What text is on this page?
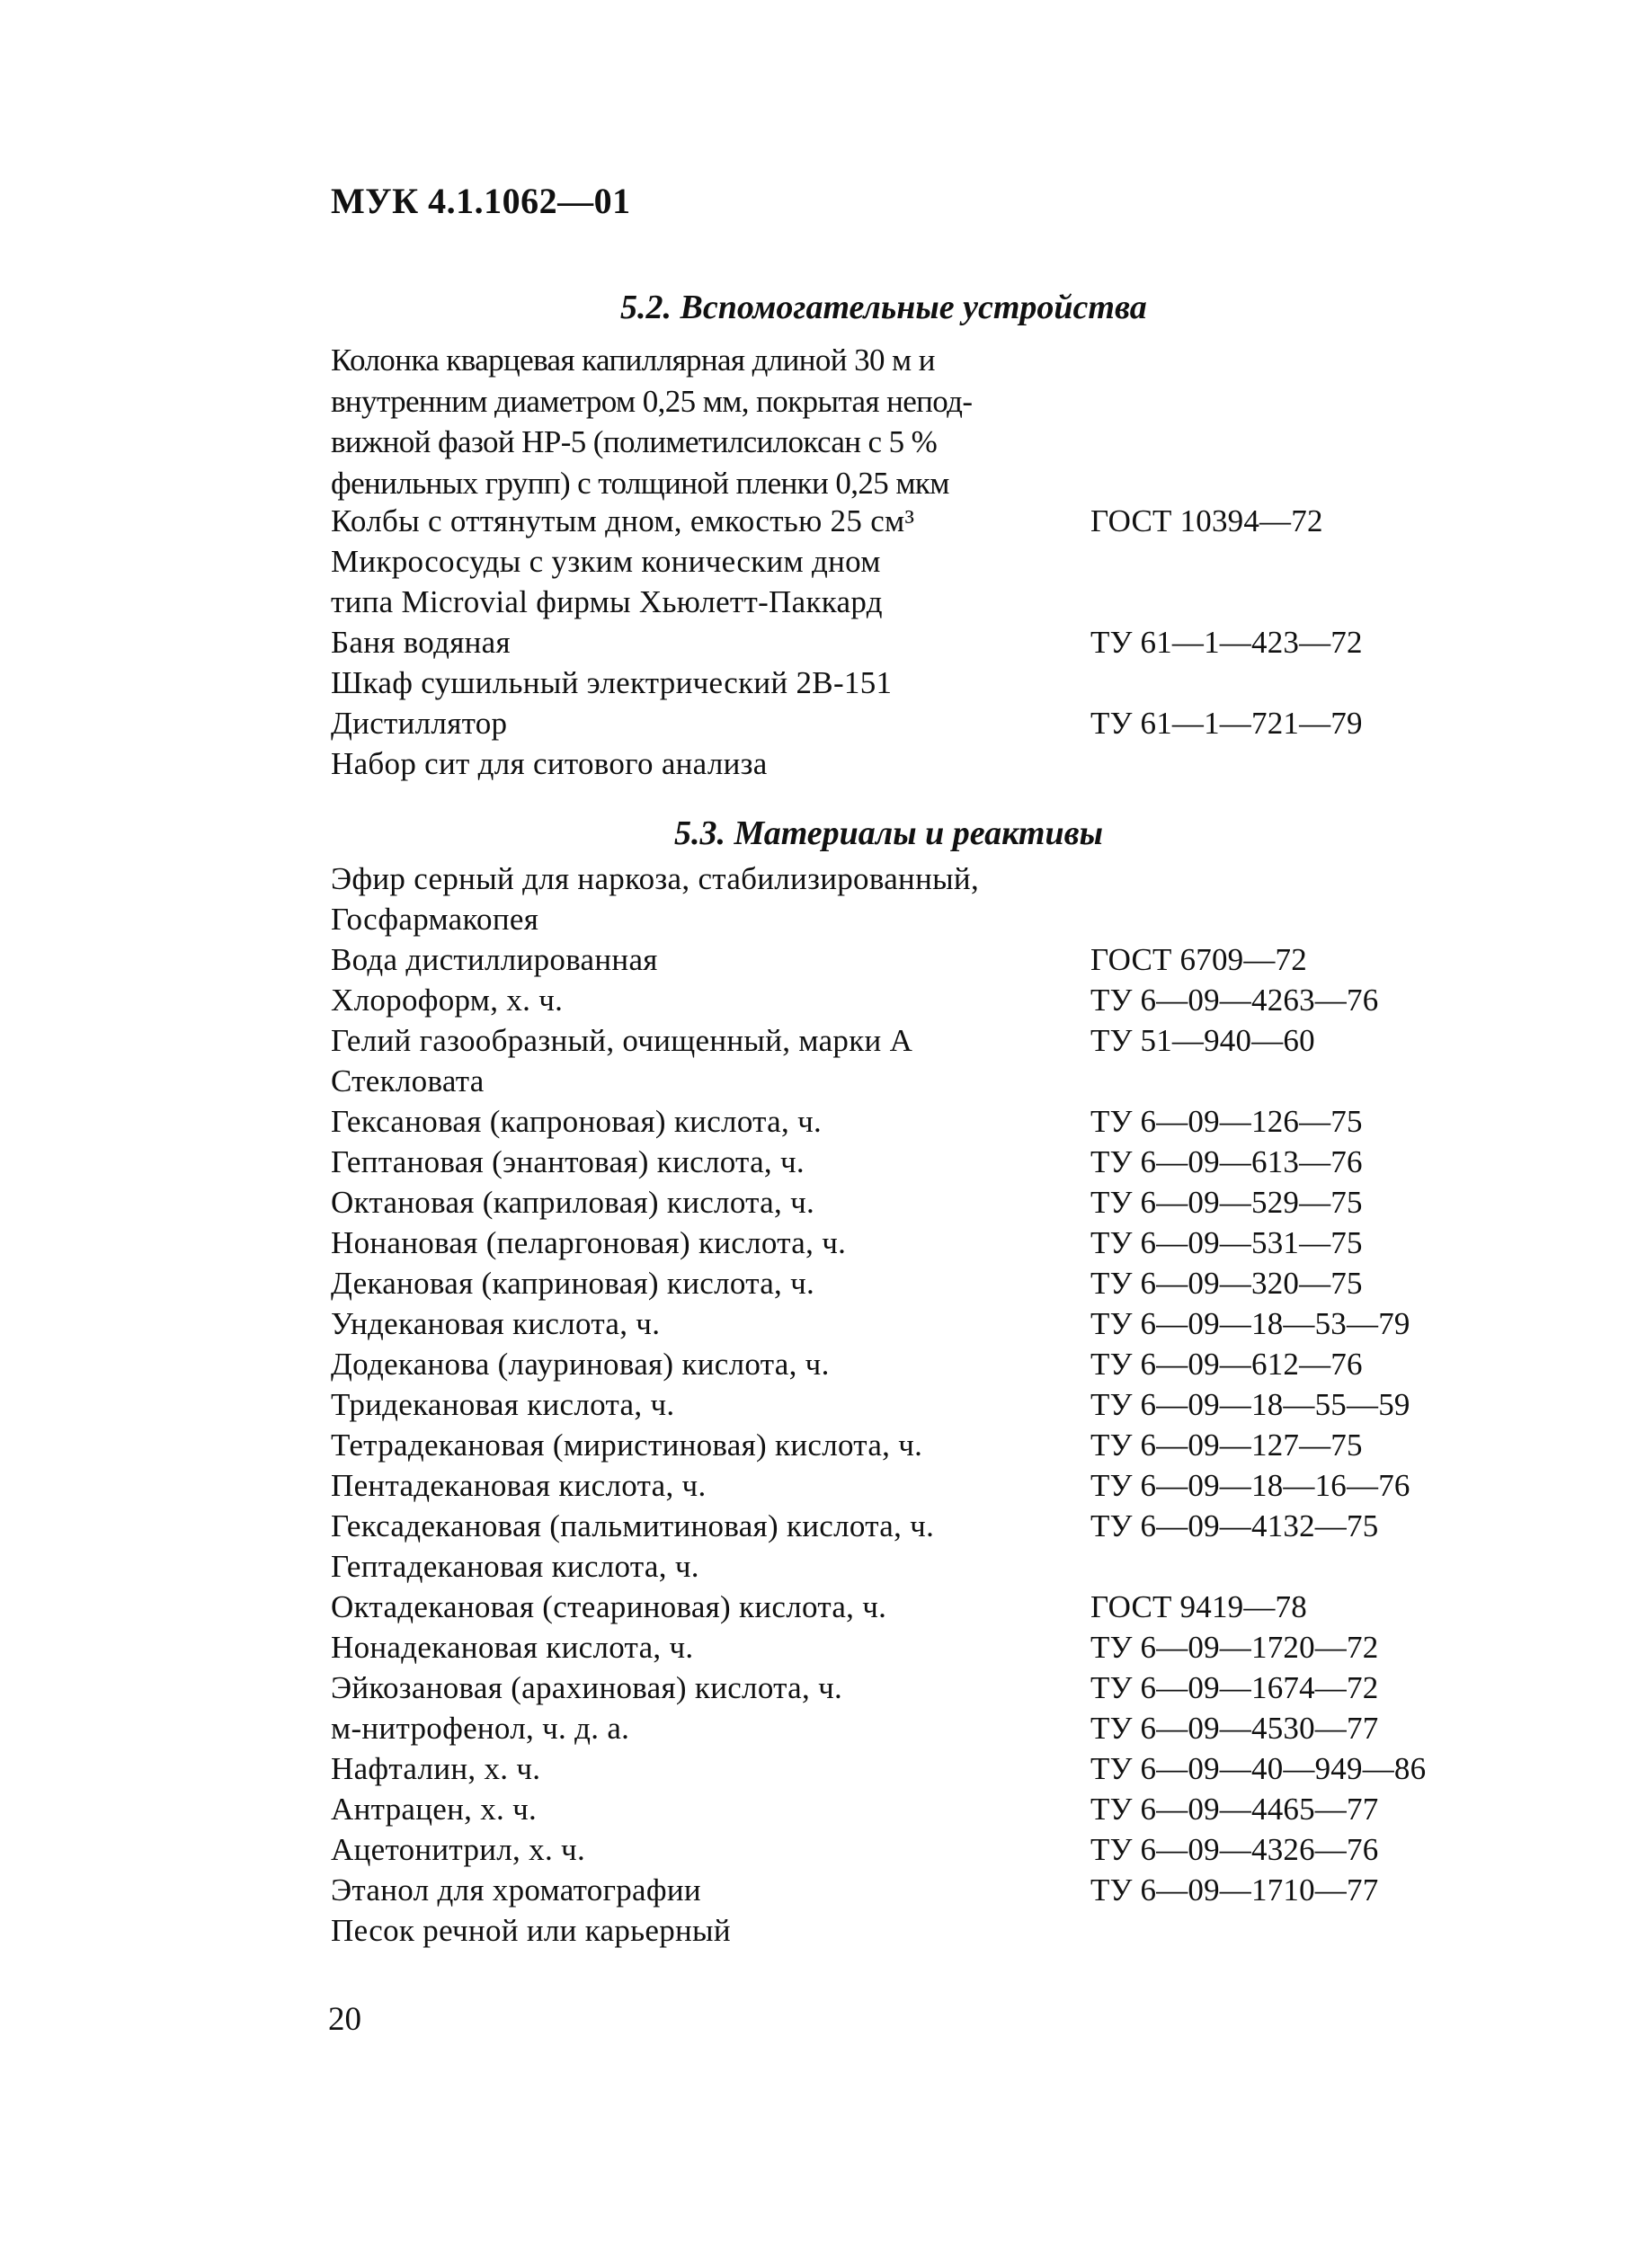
МУК 4.1.1062—01
5.2. Вспомогательные устройства
Колонка кварцевая капиллярная длиной 30 м и
внутренним диаметром 0,25 мм, покрытая непод-
вижной фазой HP-5 (полиметилсилоксан с 5 %
фенильных групп) с толщиной пленки 0,25 мкм
Колбы с оттянутым дном, емкостью 25 см³	ГОСТ 10394—72
Микрососуды с узким коническим дном
типа Microvial фирмы Хьюлетт-Паккард
Баня водяная	ТУ 61—1—423—72
Шкаф сушильный электрический 2В-151
Дистиллятор	ТУ 61—1—721—79
Набор сит для ситового анализа
5.3. Материалы и реактивы
Эфир серный для наркоза, стабилизированный,
Госфармакопея
Вода дистиллированная	ГОСТ 6709—72
Хлороформ, х. ч.	ТУ 6—09—4263—76
Гелий газообразный, очищенный, марки А	ТУ 51—940—60
Стекловата
Гексановая (капроновая) кислота, ч.	ТУ 6—09—126—75
Гептановая (энантовая) кислота, ч.	ТУ 6—09—613—76
Октановая (каприловая) кислота, ч.	ТУ 6—09—529—75
Нонановая (пеларгоновая) кислота, ч.	ТУ 6—09—531—75
Декановая (каприновая) кислота, ч.	ТУ 6—09—320—75
Ундекановая кислота, ч.	ТУ 6—09—18—53—79
Додеканова (лауриновая) кислота, ч.	ТУ 6—09—612—76
Тридекановая кислота, ч.	ТУ 6—09—18—55—59
Тетрадекановая (миристиновая) кислота, ч.	ТУ 6—09—127—75
Пентадекановая кислота, ч.	ТУ 6—09—18—16—76
Гексадекановая (пальмитиновая) кислота, ч.	ТУ 6—09—4132—75
Гептадекановая кислота, ч.
Октадекановая (стеариновая) кислота, ч.	ГОСТ 9419—78
Нонадекановая кислота, ч.	ТУ 6—09—1720—72
Эйкозановая (арахиновая) кислота, ч.	ТУ 6—09—1674—72
м-нитрофенол, ч. д. а.	ТУ 6—09—4530—77
Нафталин, х. ч.	ТУ 6—09—40—949—86
Антрацен, х. ч.	ТУ 6—09—4465—77
Ацетонитрил, х. ч.	ТУ 6—09—4326—76
Этанол для хроматографии	ТУ 6—09—1710—77
Песок речной или карьерный
20
